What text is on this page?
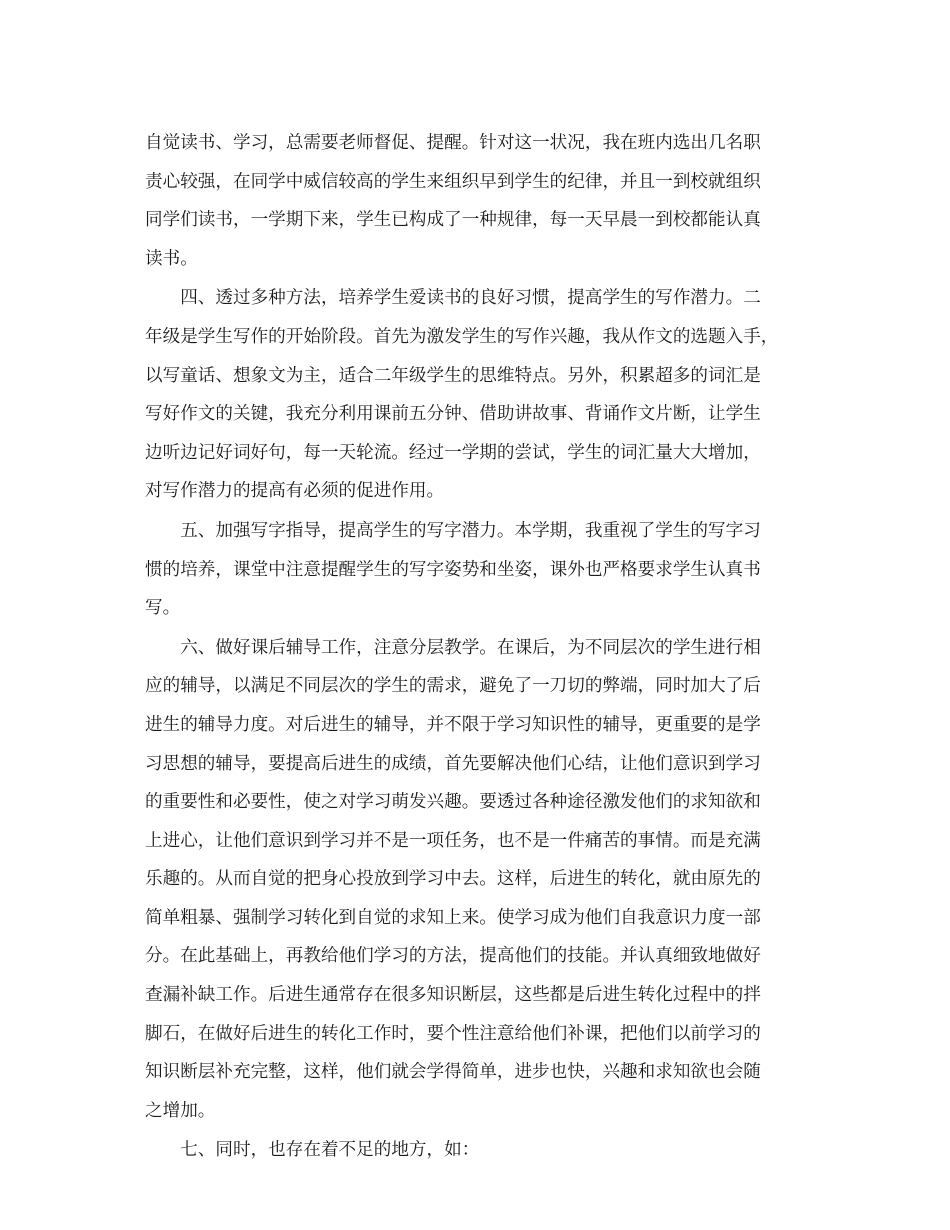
自觉读书、学习，总需要老师督促、提醒。针对这一状况，我在班内选出几名职
责心较强，在同学中威信较高的学生来组织早到学生的纪律，并且一到校就组织
同学们读书，一学期下来，学生已构成了一种规律，每一天早晨一到校都能认真
读书。
　　四、透过多种方法，培养学生爱读书的良好习惯，提高学生的写作潜力。二
年级是学生写作的开始阶段。首先为激发学生的写作兴趣，我从作文的选题入手，
以写童话、想象文为主，适合二年级学生的思维特点。另外，积累超多的词汇是
写好作文的关键，我充分利用课前五分钟、借助讲故事、背诵作文片断，让学生
边听边记好词好句，每一天轮流。经过一学期的尝试，学生的词汇量大大增加，
对写作潜力的提高有必须的促进作用。
　　五、加强写字指导，提高学生的写字潜力。本学期，我重视了学生的写字习
惯的培养，课堂中注意提醒学生的写字姿势和坐姿，课外也严格要求学生认真书
写。
　　六、做好课后辅导工作，注意分层教学。在课后，为不同层次的学生进行相
应的辅导，以满足不同层次的学生的需求，避免了一刀切的弊端，同时加大了后
进生的辅导力度。对后进生的辅导，并不限于学习知识性的辅导，更重要的是学
习思想的辅导，要提高后进生的成绩，首先要解决他们心结，让他们意识到学习
的重要性和必要性，使之对学习萌发兴趣。要透过各种途径激发他们的求知欲和
上进心，让他们意识到学习并不是一项任务，也不是一件痛苦的事情。而是充满
乐趣的。从而自觉的把身心投放到学习中去。这样，后进生的转化，就由原先的
简单粗暴、强制学习转化到自觉的求知上来。使学习成为他们自我意识力度一部
分。在此基础上，再教给他们学习的方法，提高他们的技能。并认真细致地做好
查漏补缺工作。后进生通常存在很多知识断层，这些都是后进生转化过程中的拌
脚石，在做好后进生的转化工作时，要个性注意给他们补课，把他们以前学习的
知识断层补充完整，这样，他们就会学得简单，进步也快，兴趣和求知欲也会随
之增加。
　　七、同时，也存在着不足的地方，如：
